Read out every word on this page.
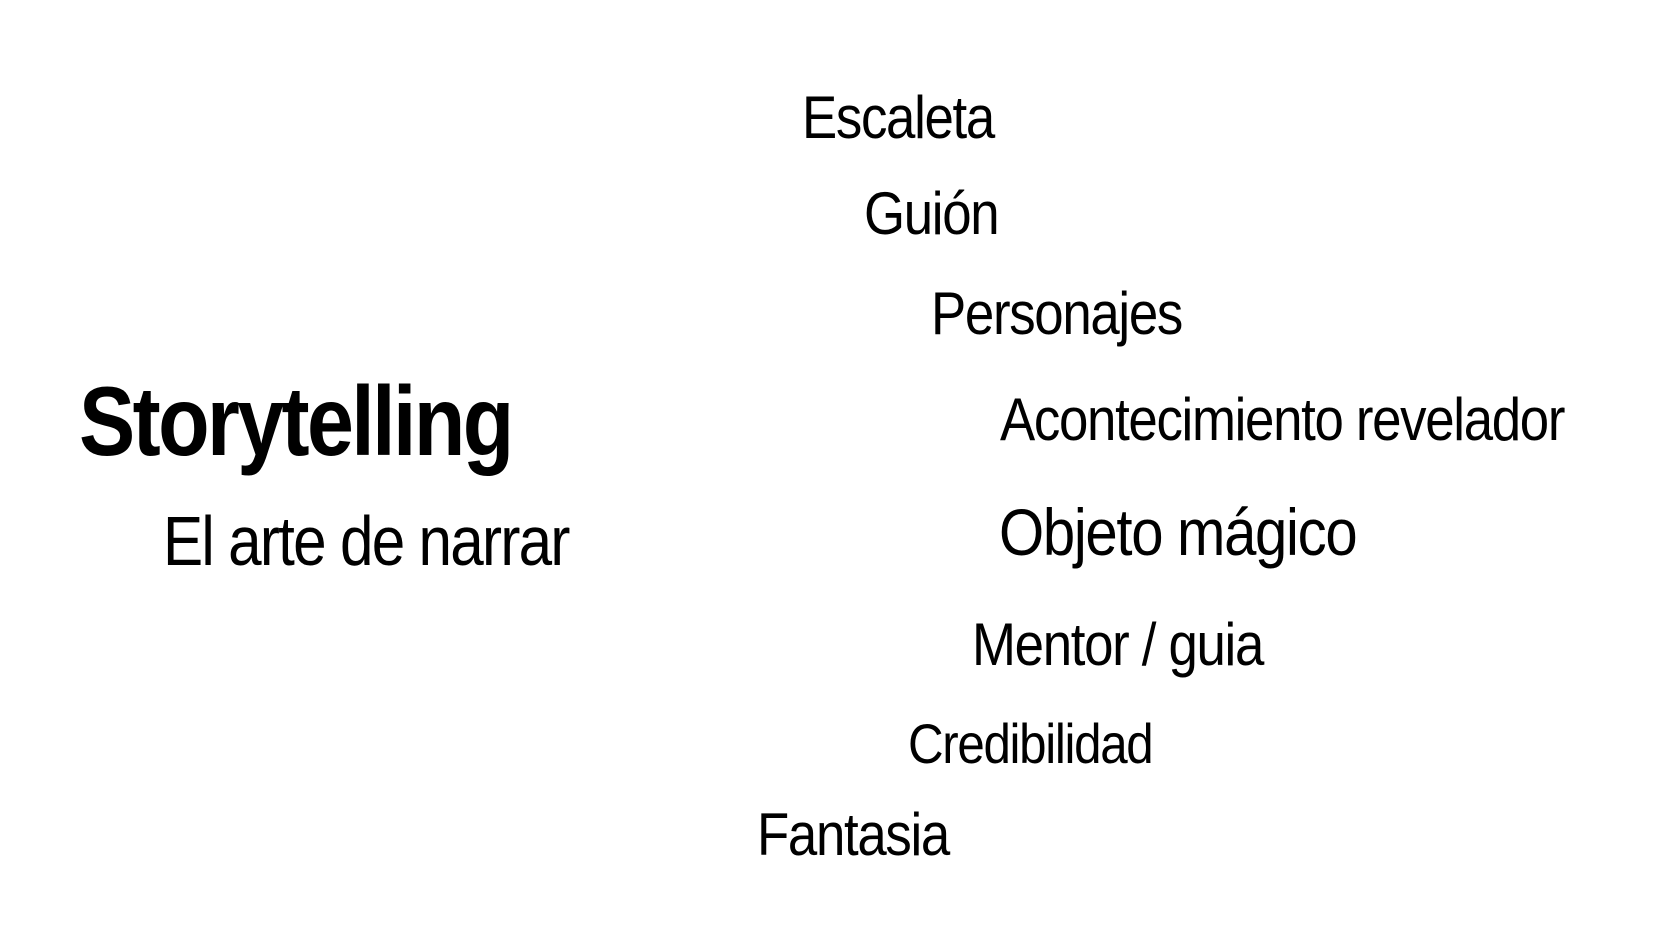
Storytelling
El arte de narrar
Escaleta
Guión
Personajes
Acontecimiento revelador
Objeto mágico
Mentor / guia
Credibilidad
Fantasia
